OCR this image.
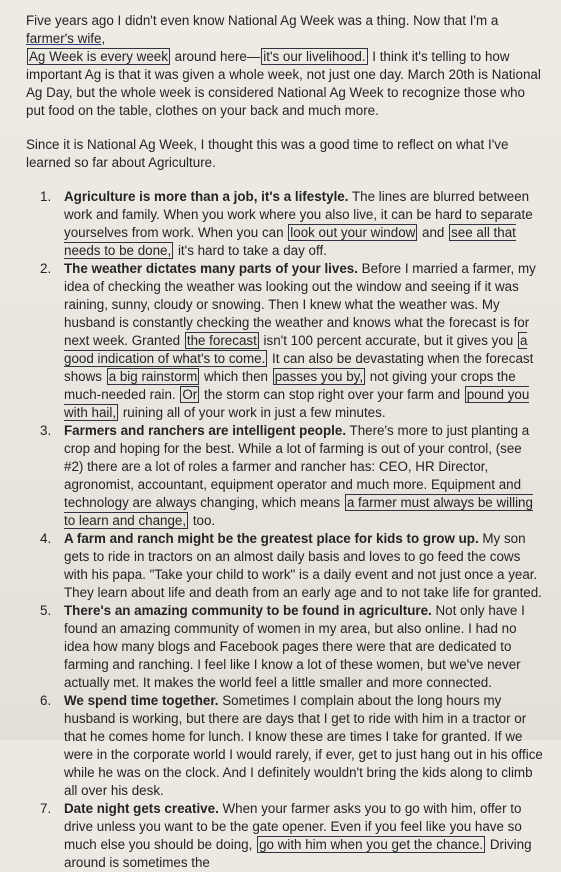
Five years ago I didn't even know National Ag Week was a thing. Now that I'm a farmer's wife,
Ag Week is every week around here— it's our livelihood. I think it's telling to how important Ag is that it was given a whole week, not just one day. March 20th is National Ag Day, but the whole week is considered National Ag Week to recognize those who put food on the table, clothes on your back and much more.

Since it is National Ag Week, I thought this was a good time to reflect on what I've learned so far about Agriculture.

1. Agriculture is more than a job, it's a lifestyle. The lines are blurred between work and family. When you work where you also live, it can be hard to separate yourselves from work. When you can look out your window and see all that needs to be done, it's hard to take a day off.
2. The weather dictates many parts of your lives. Before I married a farmer, my idea of checking the weather was looking out the window and seeing if it was raining, sunny, cloudy or snowing. Then I knew what the weather was. My husband is constantly checking the weather and knows what the forecast is for next week. Granted the forecast isn't 100 percent accurate, but it gives you a good indication of what's to come. It can also be devastating when the forecast shows a big rainstorm which then passes you by, not giving your crops the much-needed rain. Or the storm can stop right over your farm and pound you with hail, ruining all of your work in just a few minutes.
3. Farmers and ranchers are intelligent people. There's more to just planting a crop and hoping for the best. While a lot of farming is out of your control, (see #2) there are a lot of roles a farmer and rancher has: CEO, HR Director, agronomist, accountant, equipment operator and much more. Equipment and technology are always changing, which means a farmer must always be willing to learn and change, too.
4. A farm and ranch might be the greatest place for kids to grow up. My son gets to ride in tractors on an almost daily basis and loves to go feed the cows with his papa. "Take your child to work" is a daily event and not just once a year. They learn about life and death from an early age and to not take life for granted.
5. There's an amazing community to be found in agriculture. Not only have I found an amazing community of women in my area, but also online. I had no idea how many blogs and Facebook pages there were that are dedicated to farming and ranching. I feel like I know a lot of these women, but we've never actually met. It makes the world feel a little smaller and more connected.
6. We spend time together. Sometimes I complain about the long hours my husband is working, but there are days that I get to ride with him in a tractor or that he comes home for lunch. I know these are times I take for granted. If we were in the corporate world I would rarely, if ever, get to just hang out in his office while he was on the clock. And I definitely wouldn't bring the kids along to climb all over his desk.
7. Date night gets creative. When your farmer asks you to go with him, offer to drive unless you want to be the gate opener. Even if you feel like you have so much else you should be doing, go with him when you get the chance. Driving around is sometimes the
